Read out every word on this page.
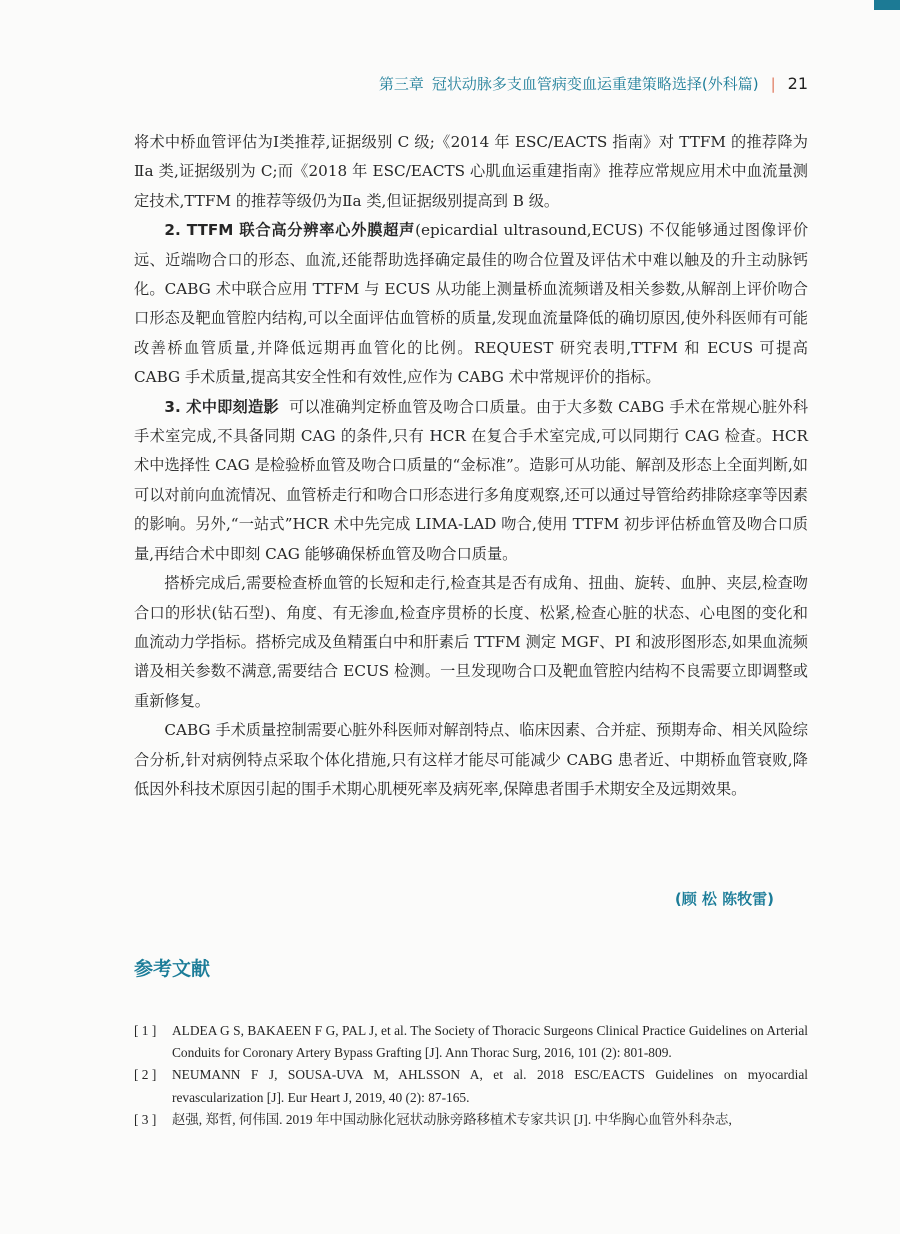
第三章 冠状动脉多支血管病变血运重建策略选择(外科篇) | 21

将术中桥血管评估为Ⅰ类推荐,证据级别 C 级;《2014 年 ESC/EACTS 指南》对 TTFM 的推荐降为Ⅱa 类,证据级别为 C;而《2018 年 ESC/EACTS 心肌血运重建指南》推荐应常规应用术中血流量测定技术,TTFM 的推荐等级仍为Ⅱa 类,但证据级别提高到 B 级。

2. TTFM 联合高分辨率心外膜超声(epicardial ultrasound,ECUS) 不仅能够通过图像评价远、近端吻合口的形态、血流,还能帮助选择确定最佳的吻合位置及评估术中难以触及的升主动脉钙化。CABG 术中联合应用 TTFM 与 ECUS 从功能上测量桥血流频谱及相关参数,从解剖上评价吻合口形态及靶血管腔内结构,可以全面评估血管桥的质量,发现血流量降低的确切原因,使外科医师有可能改善桥血管质量,并降低远期再血管化的比例。REQUEST 研究表明,TTFM 和 ECUS 可提高 CABG 手术质量,提高其安全性和有效性,应作为 CABG 术中常规评价的指标。

3. 术中即刻造影 可以准确判定桥血管及吻合口质量。由于大多数 CABG 手术在常规心脏外科手术室完成,不具备同期 CAG 的条件,只有 HCR 在复合手术室完成,可以同期行 CAG 检查。HCR 术中选择性 CAG 是检验桥血管及吻合口质量的“金标准”。造影可从功能、解剖及形态上全面判断,如可以对前向血流情况、血管桥走行和吻合口形态进行多角度观察,还可以通过导管给药排除痉挛等因素的影响。另外,“一站式”HCR 术中先完成 LIMA-LAD 吻合,使用 TTFM 初步评估桥血管及吻合口质量,再结合术中即刻 CAG 能够确保桥血管及吻合口质量。

搭桥完成后,需要检查桥血管的长短和走行,检查其是否有成角、扭曲、旋转、血肿、夹层,检查吻合口的形状(钻石型)、角度、有无渗血,检查序贯桥的长度、松紧,检查心脏的状态、心电图的变化和血流动力学指标。搭桥完成及鱼精蛋白中和肝素后 TTFM 测定 MGF、PI 和波形图形态,如果血流频谱及相关参数不满意,需要结合 ECUS 检测。一旦发现吻合口及靶血管腔内结构不良需要立即调整或重新修复。

CABG 手术质量控制需要心脏外科医师对解剖特点、临床因素、合并症、预期寿命、相关风险综合分析,针对病例特点采取个体化措施,只有这样才能尽可能减少 CABG 患者近、中期桥血管衰败,降低因外科技术原因引起的围手术期心肌梗死率及病死率,保障患者围手术期安全及远期效果。

(顾 松 陈牧雷)
参考文献
[ 1 ]	ALDEA G S, BAKAEEN F G, PAL J, et al. The Society of Thoracic Surgeons Clinical Practice Guidelines on Arterial Conduits for Coronary Artery Bypass Grafting [J]. Ann Thorac Surg, 2016, 101 (2): 801-809.
[ 2 ]	NEUMANN F J, SOUSA-UVA M, AHLSSON A, et al. 2018 ESC/EACTS Guidelines on myocardial revascularization [J]. Eur Heart J, 2019, 40 (2): 87-165.
[ 3 ]	赵强, 郑哲, 何伟国. 2019 年中国动脉化冠状动脉旁路移植术专家共识 [J]. 中华胸心血管外科杂志,
